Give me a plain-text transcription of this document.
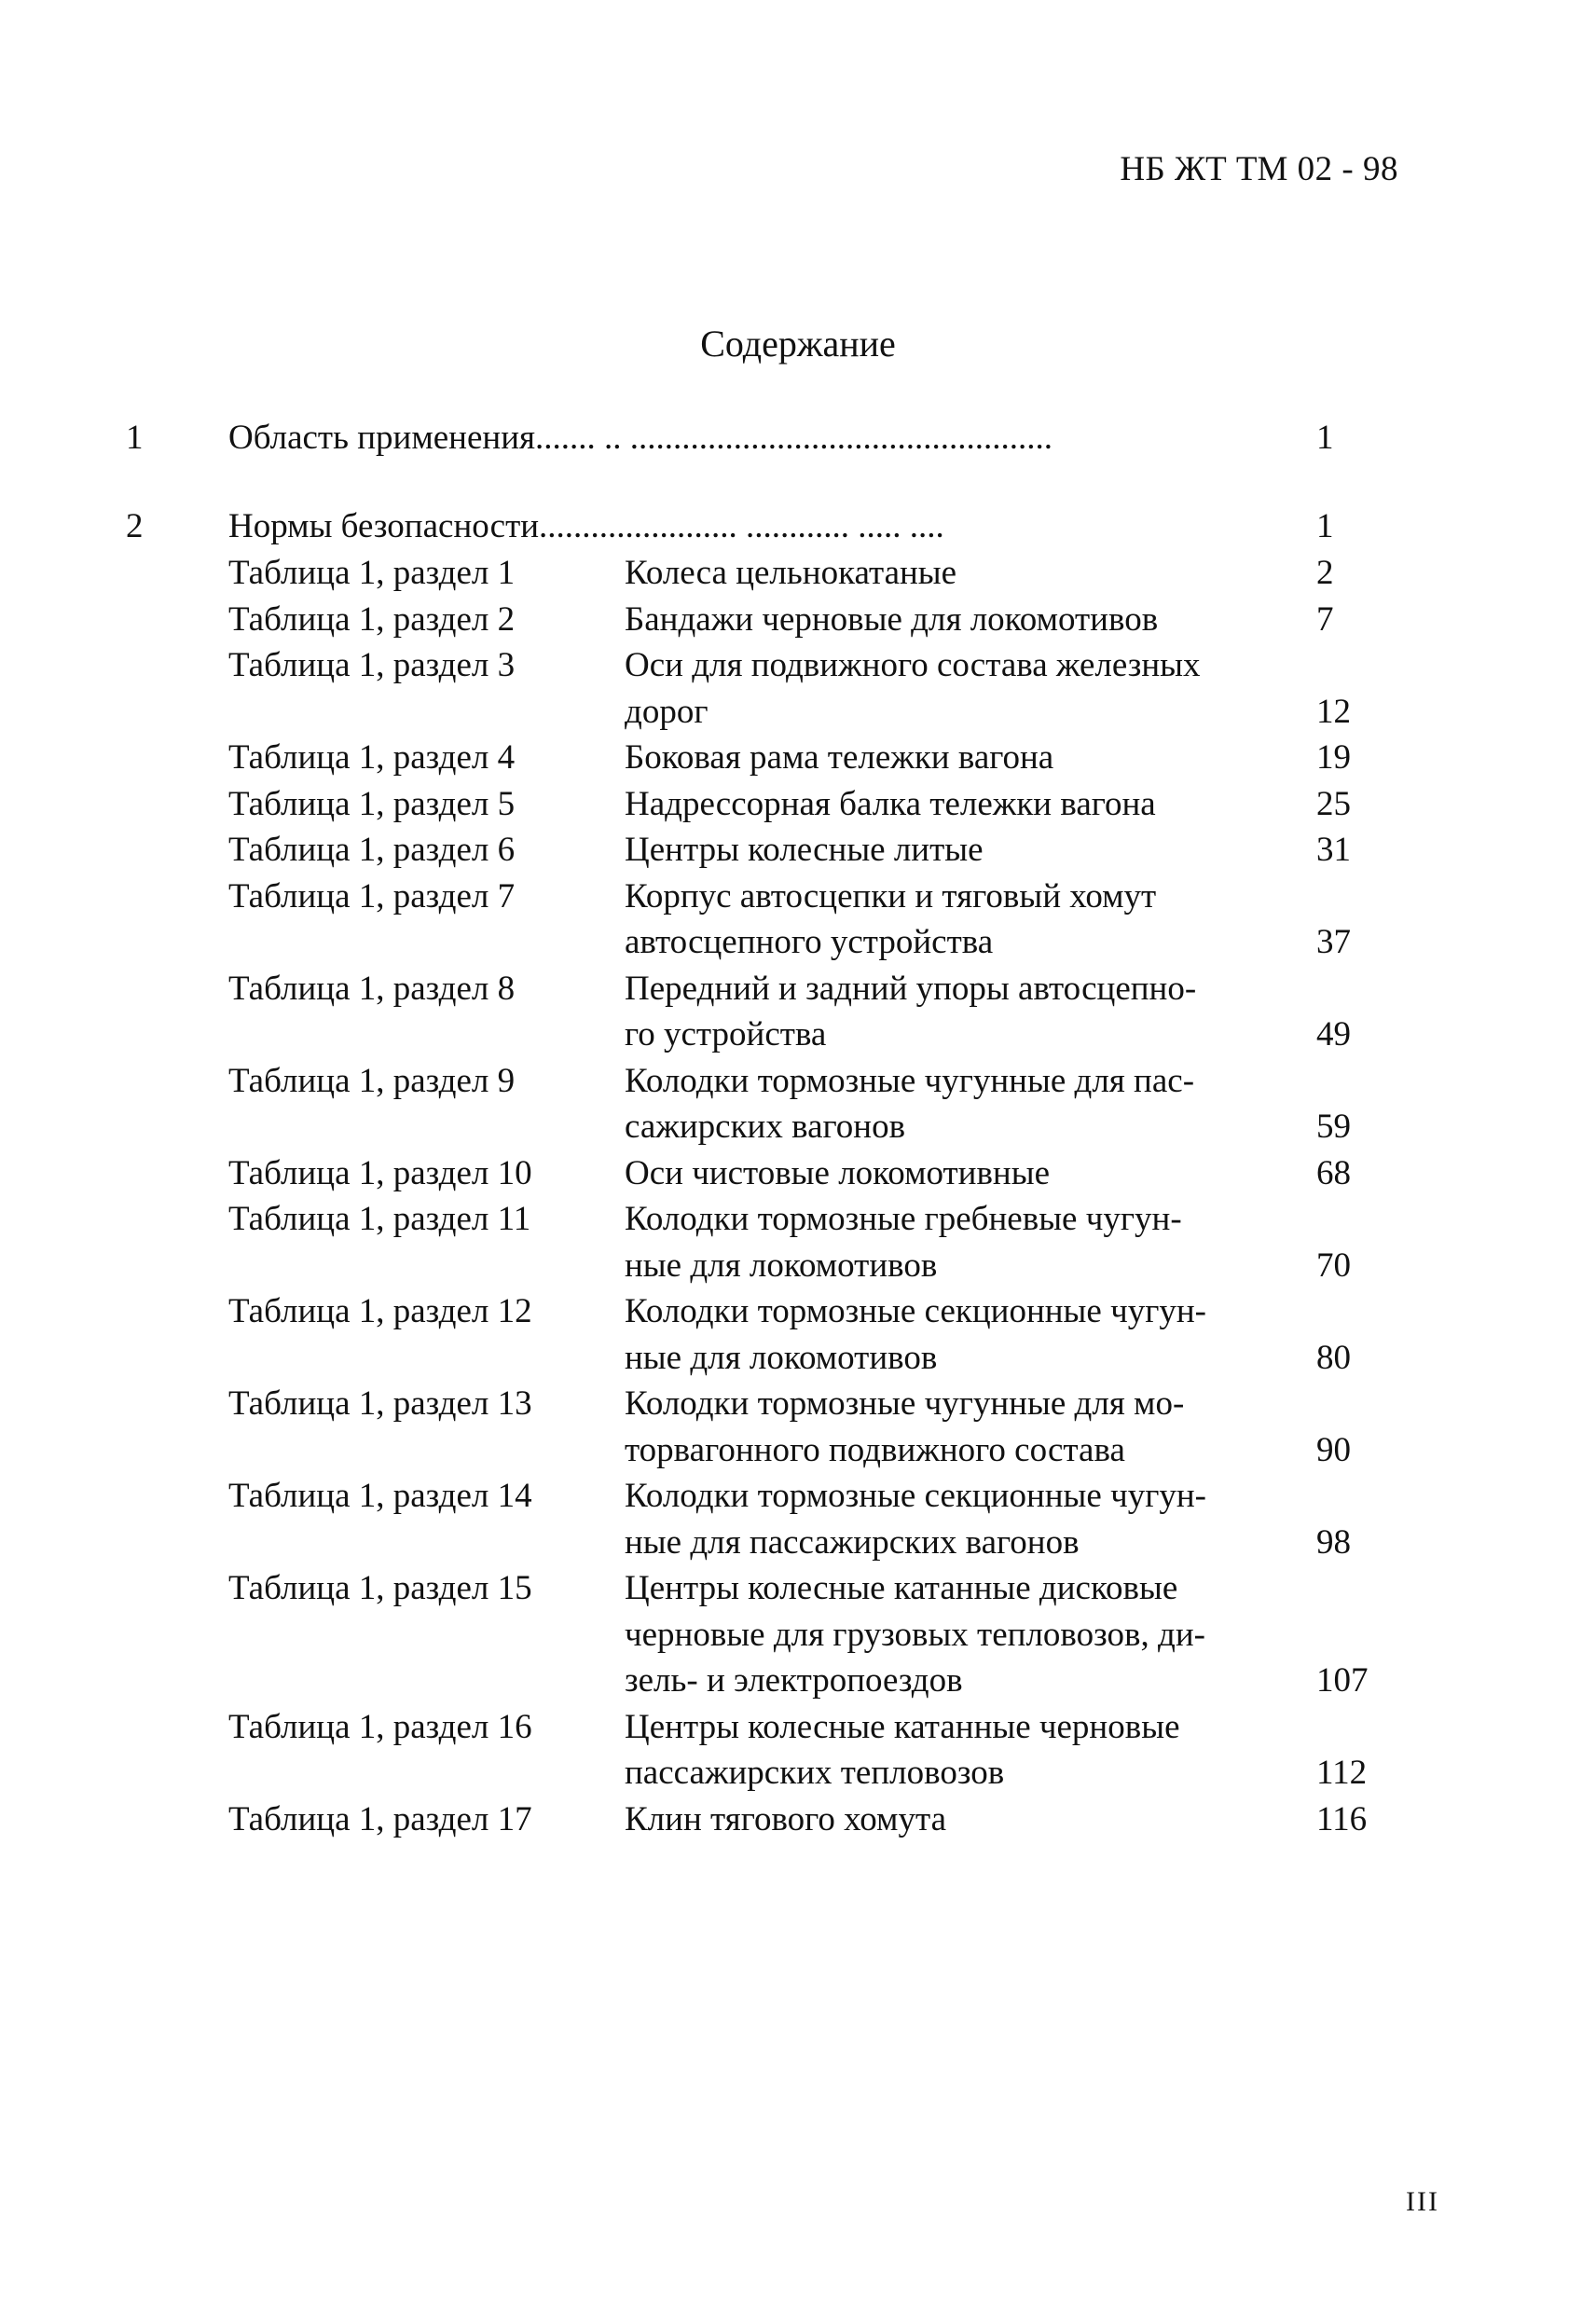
НБ ЖТ ТМ 02 - 98
Содержание
1 Область применения....... .. .................................................	1
2 Нормы безопасности....................... ............ ..... ....	1
Таблица 1, раздел 1	Колеса цельнокатаные	2
Таблица 1, раздел 2	Бандажи черновые для локомотивов	7
Таблица 1, раздел 3	Оси для подвижного состава железных
дорог	12
Таблица 1, раздел 4	Боковая рама тележки вагона	19
Таблица 1, раздел 5	Надрессорная балка тележки вагона	25
Таблица 1, раздел 6	Центры колесные литые	31
Таблица 1, раздел 7	Корпус автосцепки и тяговый хомут
автосцепного устройства	37
Таблица 1, раздел 8	Передний и задний упоры автосцепно-
го устройства	49
Таблица 1, раздел 9	Колодки тормозные чугунные для пас-
сажирских вагонов	59
Таблица 1, раздел 10	Оси чистовые локомотивные	68
Таблица 1, раздел 11	Колодки тормозные гребневые чугун-
ные для локомотивов	70
Таблица 1, раздел 12	Колодки тормозные секционные чугун-
ные для локомотивов	80
Таблица 1, раздел 13	Колодки тормозные чугунные для мо-
торвагонного подвижного состава	90
Таблица 1, раздел 14	Колодки тормозные секционные чугун-
ные для пассажирских вагонов	98
Таблица 1, раздел 15	Центры колесные катанные дисковые
черновые для грузовых тепловозов, ди-
зель- и электропоездов	107
Таблица 1, раздел 16	Центры колесные катанные черновые
пассажирских тепловозов	112
Таблица 1, раздел 17	Клин тягового хомута	116
III
